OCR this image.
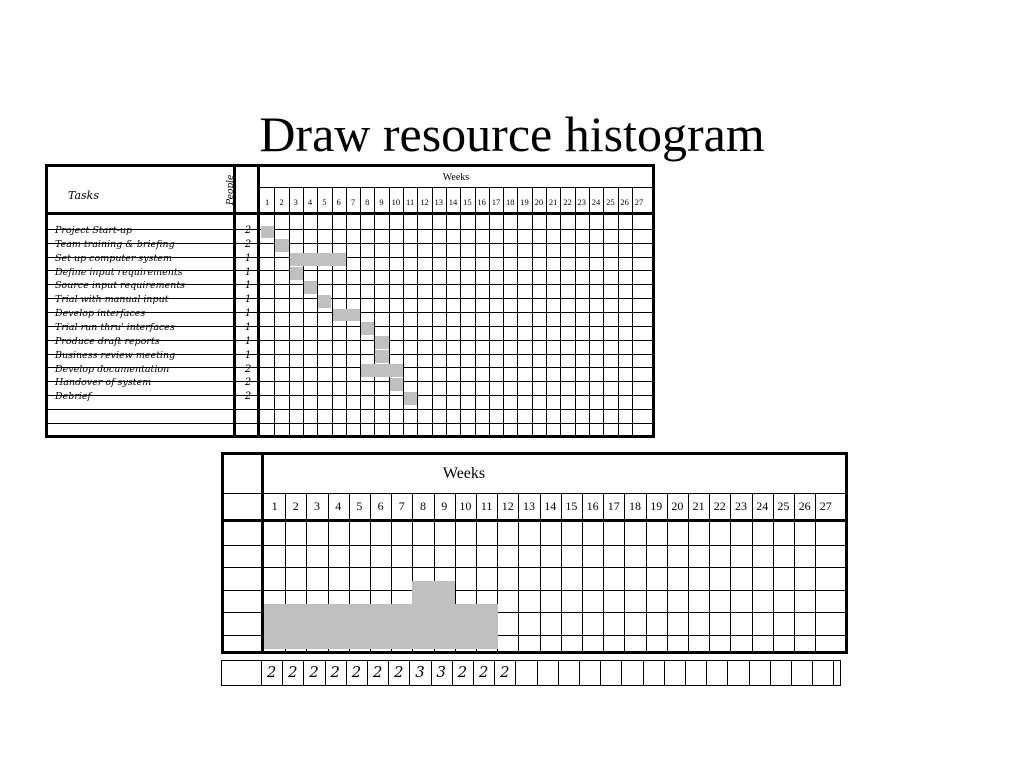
Draw resource histogram
Tasks	People	Weeks
1	2	3	4	5	6	7	8	9 10 11 12 13 14 15 16 17 18 19 20 21 22 23 24 25 26 27
Project Start-up	2
Team training & briefing	2
Set up computer system	1
Define input requirements	1
Source input requirements	1
Trial with manual input	1
Develop interfaces	1
Trial run thru' interfaces	1
Produce draft reports	1
Business review meeting	1
Develop documentation	2
Handover of system	2
Debrief	2
Weeks
1	2	3	4	5	6	7	8	9	10 11 12 13 14 15 16 17 18 19 20 21 22 23 24 25 26 27
2 2 2 2 2 2 2 3 3 2 2 2
